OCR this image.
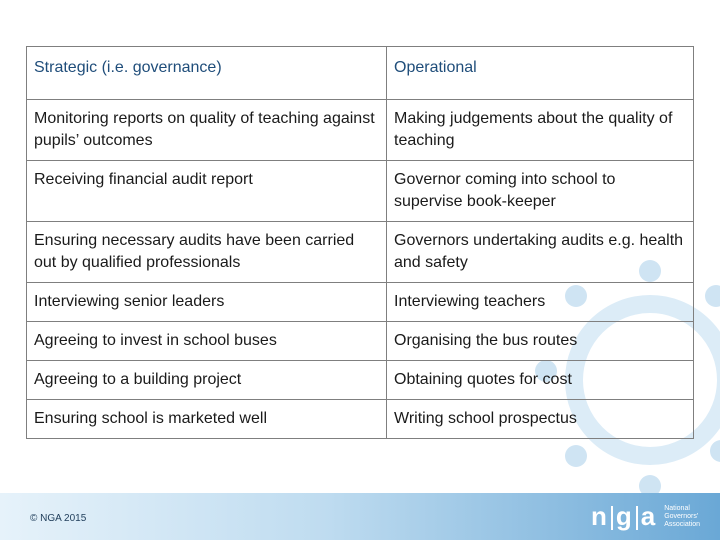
Strategic (i.e. governance)	Operational
Monitoring reports on quality of teaching against pupils’ outcomes	Making judgements about the quality of teaching
Receiving financial audit report	Governor coming into school to supervise book-keeper
Ensuring necessary audits have been carried out by qualified professionals	Governors undertaking audits e.g. health and safety
Interviewing senior leaders	Interviewing teachers
Agreeing to invest in school buses	Organising the bus routes
Agreeing to a building project	Obtaining quotes for cost
Ensuring school is marketed well	Writing school prospectus
© NGA 2015	n g a National
Governors'
Association
